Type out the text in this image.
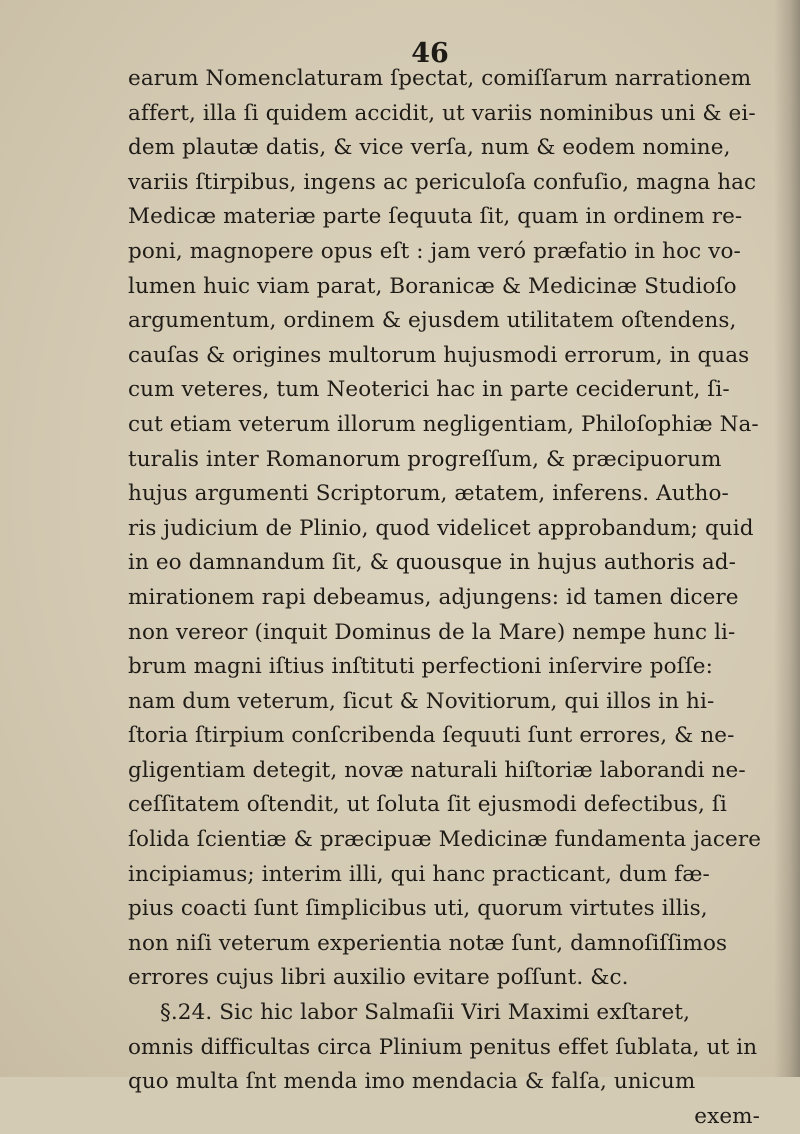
46
earum Nomenclaturam ſpectat, comiſſarum narrationem
affert, illa ſi quidem accidit, ut variis nominibus uni & ei-
dem plautæ datis, & vice verſa, num & eodem nomine,
variis ſtirpibus, ingens ac periculoſa confuſio, magna hac
Medicæ materiæ parte ſequuta ſit, quam in ordinem re-
poni, magnopere opus eſt : jam veró præfatio in hoc vo-
lumen huic viam parat, Boranicæ & Medicinæ Studioſo
argumentum, ordinem & ejusdem utilitatem oſtendens,
cauſas & origines multorum hujusmodi errorum, in quas
cum veteres, tum Neoterici hac in parte ceciderunt, ſi-
cut etiam veterum illorum negligentiam, Philoſophiæ Na-
turalis inter Romanorum progreſſum, & præcipuorum
hujus argumenti Scriptorum, ætatem, inferens. Autho-
ris judicium de Plinio, quod videlicet approbandum; quid
in eo damnandum ſit, & quousque in hujus authoris ad-
mirationem rapi debeamus, adjungens: id tamen dicere
non vereor (inquit Dominus de la Mare) nempe hunc li-
brum magni iſtius inſtituti perfectioni inſervire poſſe:
nam dum veterum, ſicut & Novitiorum, qui illos in hi-
ſtoria ſtirpium conſcribenda ſequuti ſunt errores, & ne-
gligentiam detegit, novæ naturali hiſtoriæ laborandi ne-
ceſſitatem oſtendit, ut ſoluta ſit ejusmodi defectibus, ſi
ſolida ſcientiæ & præcipuæ Medicinæ fundamenta jacere
incipiamus; interim illi, qui hanc practicant, dum fæ-
pius coacti ſunt ſimplicibus uti, quorum virtutes illis,
non niſi veterum experientia notæ ſunt, damnoſiſſimos
errores cujus libri auxilio evitare poſſunt. &c.
§.24. Sic hic labor Salmaſii Viri Maximi exſtaret,
omnis difficultas circa Plinium penitus effet ſublata, ut in
quo multa ſnt menda imo mendacia & falſa, unicum
exem-
